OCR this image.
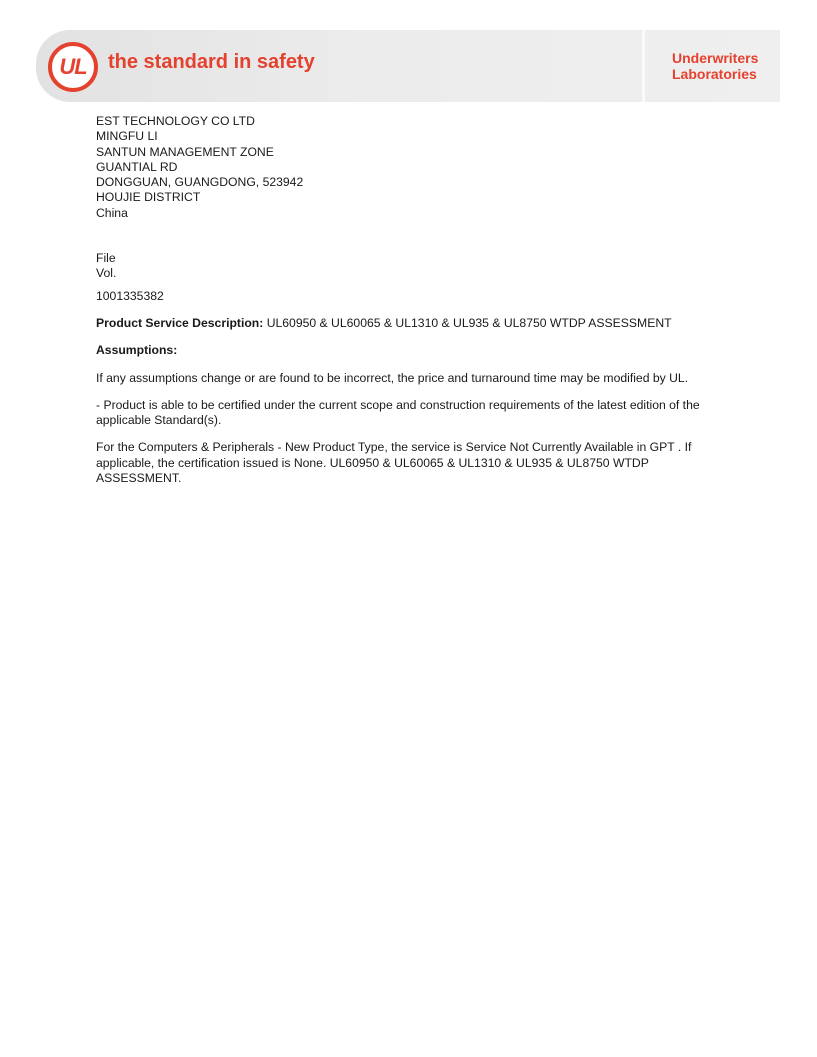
UL the standard in safety	Underwriters
Laboratories
EST TECHNOLOGY CO LTD
MINGFU LI
SANTUN MANAGEMENT ZONE
GUANTIAL RD
DONGGUAN, GUANGDONG, 523942
HOUJIE DISTRICT
China
File
Vol.

1001335382

Product Service Description: UL60950 & UL60065 & UL1310 & UL935 & UL8750 WTDP ASSESSMENT

Assumptions:

If any assumptions change or are found to be incorrect, the price and turnaround time may be modified by UL.

- Product is able to be certified under the current scope and construction requirements of the latest edition of the applicable Standard(s).

For the Computers & Peripherals - New Product Type, the service is Service Not Currently Available in GPT . If applicable, the certification issued is None. UL60950 & UL60065 & UL1310 & UL935 & UL8750 WTDP ASSESSMENT.
